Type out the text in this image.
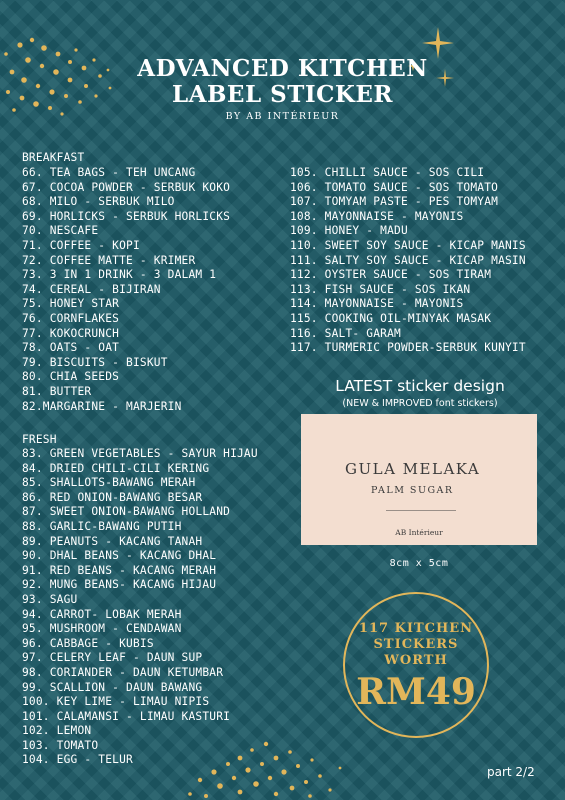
ADVANCED KITCHEN
LABEL STICKER
BY AB INTÉRIEUR
BREAKFAST
66. TEA BAGS - TEH UNCANG
67. COCOA POWDER - SERBUK KOKO
68. MILO - SERBUK MILO
69. HORLICKS - SERBUK HORLICKS
70. NESCAFE
71. COFFEE - KOPI
72. COFFEE MATTE - KRIMER
73. 3 IN 1 DRINK - 3 DALAM 1
74. CEREAL - BIJIRAN
75. HONEY STAR
76. CORNFLAKES
77. KOKOCRUNCH
78. OATS - OAT
79. BISCUITS - BISKUT
80. CHIA SEEDS
81. BUTTER
82.MARGARINE - MARJERIN
105. CHILLI SAUCE - SOS CILI
106. TOMATO SAUCE - SOS TOMATO
107. TOMYAM PASTE - PES TOMYAM
108. MAYONNAISE - MAYONIS
109. HONEY - MADU
110. SWEET SOY SAUCE - KICAP MANIS
111. SALTY SOY SAUCE - KICAP MASIN
112. OYSTER SAUCE - SOS TIRAM
113. FISH SAUCE - SOS IKAN
114. MAYONNAISE - MAYONIS
115. COOKING OIL-MINYAK MASAK
116. SALT- GARAM
117. TURMERIC POWDER-SERBUK KUNYIT
FRESH
83. GREEN VEGETABLES - SAYUR HIJAU
84. DRIED CHILI-CILI KERING
85. SHALLOTS-BAWANG MERAH
86. RED ONION-BAWANG BESAR
87. SWEET ONION-BAWANG HOLLAND
88. GARLIC-BAWANG PUTIH
89. PEANUTS - KACANG TANAH
90. DHAL BEANS - KACANG DHAL
91. RED BEANS - KACANG MERAH
92. MUNG BEANS- KACANG HIJAU
93. SAGU
94. CARROT- LOBAK MERAH
95. MUSHROOM - CENDAWAN
96. CABBAGE - KUBIS
97. CELERY LEAF - DAUN SUP
98. CORIANDER - DAUN KETUMBAR
99. SCALLION - DAUN BAWANG
100. KEY LIME - LIMAU NIPIS
101. CALAMANSI - LIMAU KASTURI
102. LEMON
103. TOMATO
104. EGG - TELUR
LATEST sticker design
(NEW & IMPROVED font stickers)
GULA MELAKA
PALM SUGAR
AB Intérieur
8cm x 5cm
117 KITCHEN
STICKERS
WORTH
RM49
part 2/2
